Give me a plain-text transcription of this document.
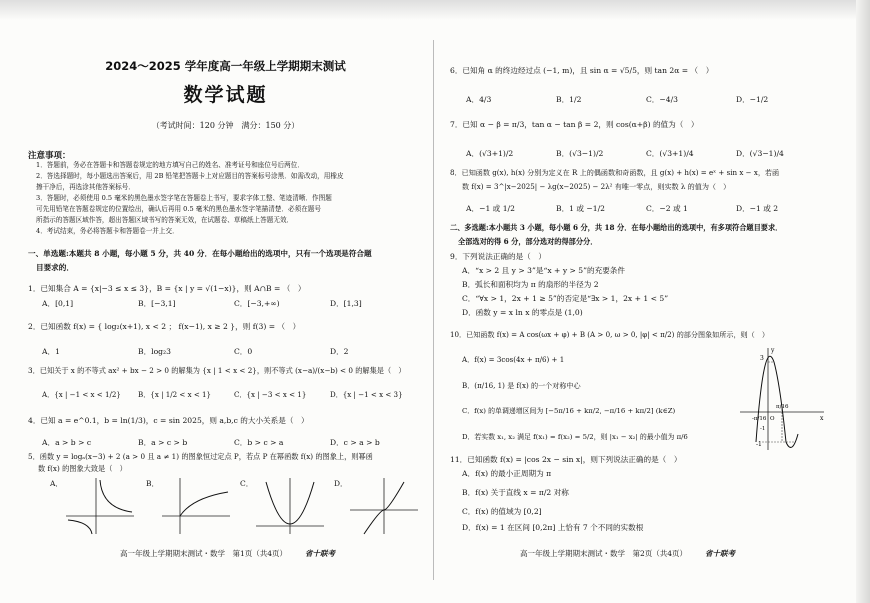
2024～2025 学年度高一年级上学期期末测试
数学试题
（考试时间：120 分钟　满分：150 分）
注意事项：
1．答题前，务必在答题卡和答题卷规定的地方填写自己的姓名、准考证号和座位号后两位．
2．答选择题时，每小题选出答案后，用 2B 铅笔把答题卡上对应题目的答案标号涂黑．如需改动，用橡皮
擦干净后，再选涂其他答案标号．
3．答题时，必须使用 0.5 毫米的黑色墨水签字笔在答题卷上书写，要求字体工整、笔迹清晰．作图题
可先用铅笔在答题卷规定的位置绘出，确认后再用 0.5 毫米的黑色墨水签字笔描清楚．必须在题号
所指示的答题区域作答，超出答题区域书写的答案无效，在试题卷、草稿纸上答题无效．
4．考试结束，务必将答题卡和答题卷一并上交．
一、单选题:本题共 8 小题，每小题 5 分，共 40 分．在每小题给出的选项中，只有一个选项是符合题
目要求的．
1．已知集合 A = {x|−3 ≤ x ≤ 3}，B = {x | y = √(1−x)}，则 A∩B = （　）
A．[0,1]	B．[−3,1]	C．[−3,+∞)	D．[1,3]
2．已知函数 f(x) = { log₂(x+1), x < 2 ； f(x−1), x ≥ 2 }，则 f(3) = （　）
A．1	B．log₂3	C．0	D．2
3．已知关于 x 的不等式 ax² + bx − 2 > 0 的解集为 {x | 1 < x < 2}，则不等式 (x−a)/(x−b) < 0 的解集是（　）
A．{x | −1 < x < 1/2}	B．{x | 1/2 < x < 1}	C．{x | −3 < x < 1}	D．{x | −1 < x < 3}
4．已知 a = e^0.1，b = ln(1/3)，c = sin 2025，则 a,b,c 的大小关系是（　）
A．a > b > c	B．a > c > b	C．b > c > a	D．c > a > b
5．函数 y = logₐ(x−3) + 2 (a > 0 且 a ≠ 1) 的图象恒过定点 P，若点 P 在幂函数 f(x) 的图象上，则幂函
数 f(x) 的图象大致是（　）
A．	B．	C．	D．
高一年级上学期期末测试・数学　第1页（共4页） 省十联考
6．已知角 α 的终边经过点 (−1, m)，且 sin α = √5/5，则 tan 2α = （　）
A．4/3	B．1/2	C．−4/3	D．−1/2
7．已知 α − β = π/3，tan α − tan β = 2，则 cos(α+β) 的值为（　）
A．(√3+1)/2	B．(√3−1)/2	C．(√3+1)/4	D．(√3−1)/4
8．已知函数 g(x), h(x) 分别为定义在 R 上的偶函数和奇函数，且 g(x) + h(x) = eˣ + sin x − x，若函
数 f(x) = 3^|x−2025| − λg(x−2025) − 2λ² 有唯一零点，则实数 λ 的值为（　）
A．−1 或 1/2	B．1 或 −1/2	C．−2 或 1	D．−1 或 2
二、多选题:本小题共 3 小题，每小题 6 分，共 18 分．在每小题给出的选项中，有多项符合题目要求．
全部选对的得 6 分，部分选对的得部分分．
9．下列说法正确的是（　）
A．“x > 2 且 y > 3”是“x + y > 5”的充要条件
B．弧长和面积均为 π 的扇形的半径为 2
C．“∀x > 1，2x + 1 ≥ 5”的否定是“∃x > 1，2x + 1 < 5”
D．函数 y = x ln x 的零点是 (1,0)
10．已知函数 f(x) = A cos(ωx + φ) + B (A > 0, ω > 0, |φ| < π/2) 的部分图象如所示，则（　）
A．f(x) = 3cos(4x + π/6) + 1
B．(π/16, 1) 是 f(x) 的一个对称中心
C．f(x) 的单调递增区间为 [−5π/16 + kπ/2, −π/16 + kπ/2] (k∈Z)
D．若实数 x₁, x₂ 满足 f(x₁) = f(x₂) = 5/2，则 |x₁ − x₂| 的最小值为 π/6
3
-1
π/16
-π/16
-1
x
y
O
11．已知函数 f(x) = |cos 2x − sin x|，则下列说法正确的是（　）
A．f(x) 的最小正周期为 π
B．f(x) 关于直线 x = π/2 对称
C．f(x) 的值域为 [0,2]
D．f(x) = 1 在区间 [0,2π] 上恰有 7 个不同的实数根
高一年级上学期期末测试・数学　第2页（共4页） 省十联考
